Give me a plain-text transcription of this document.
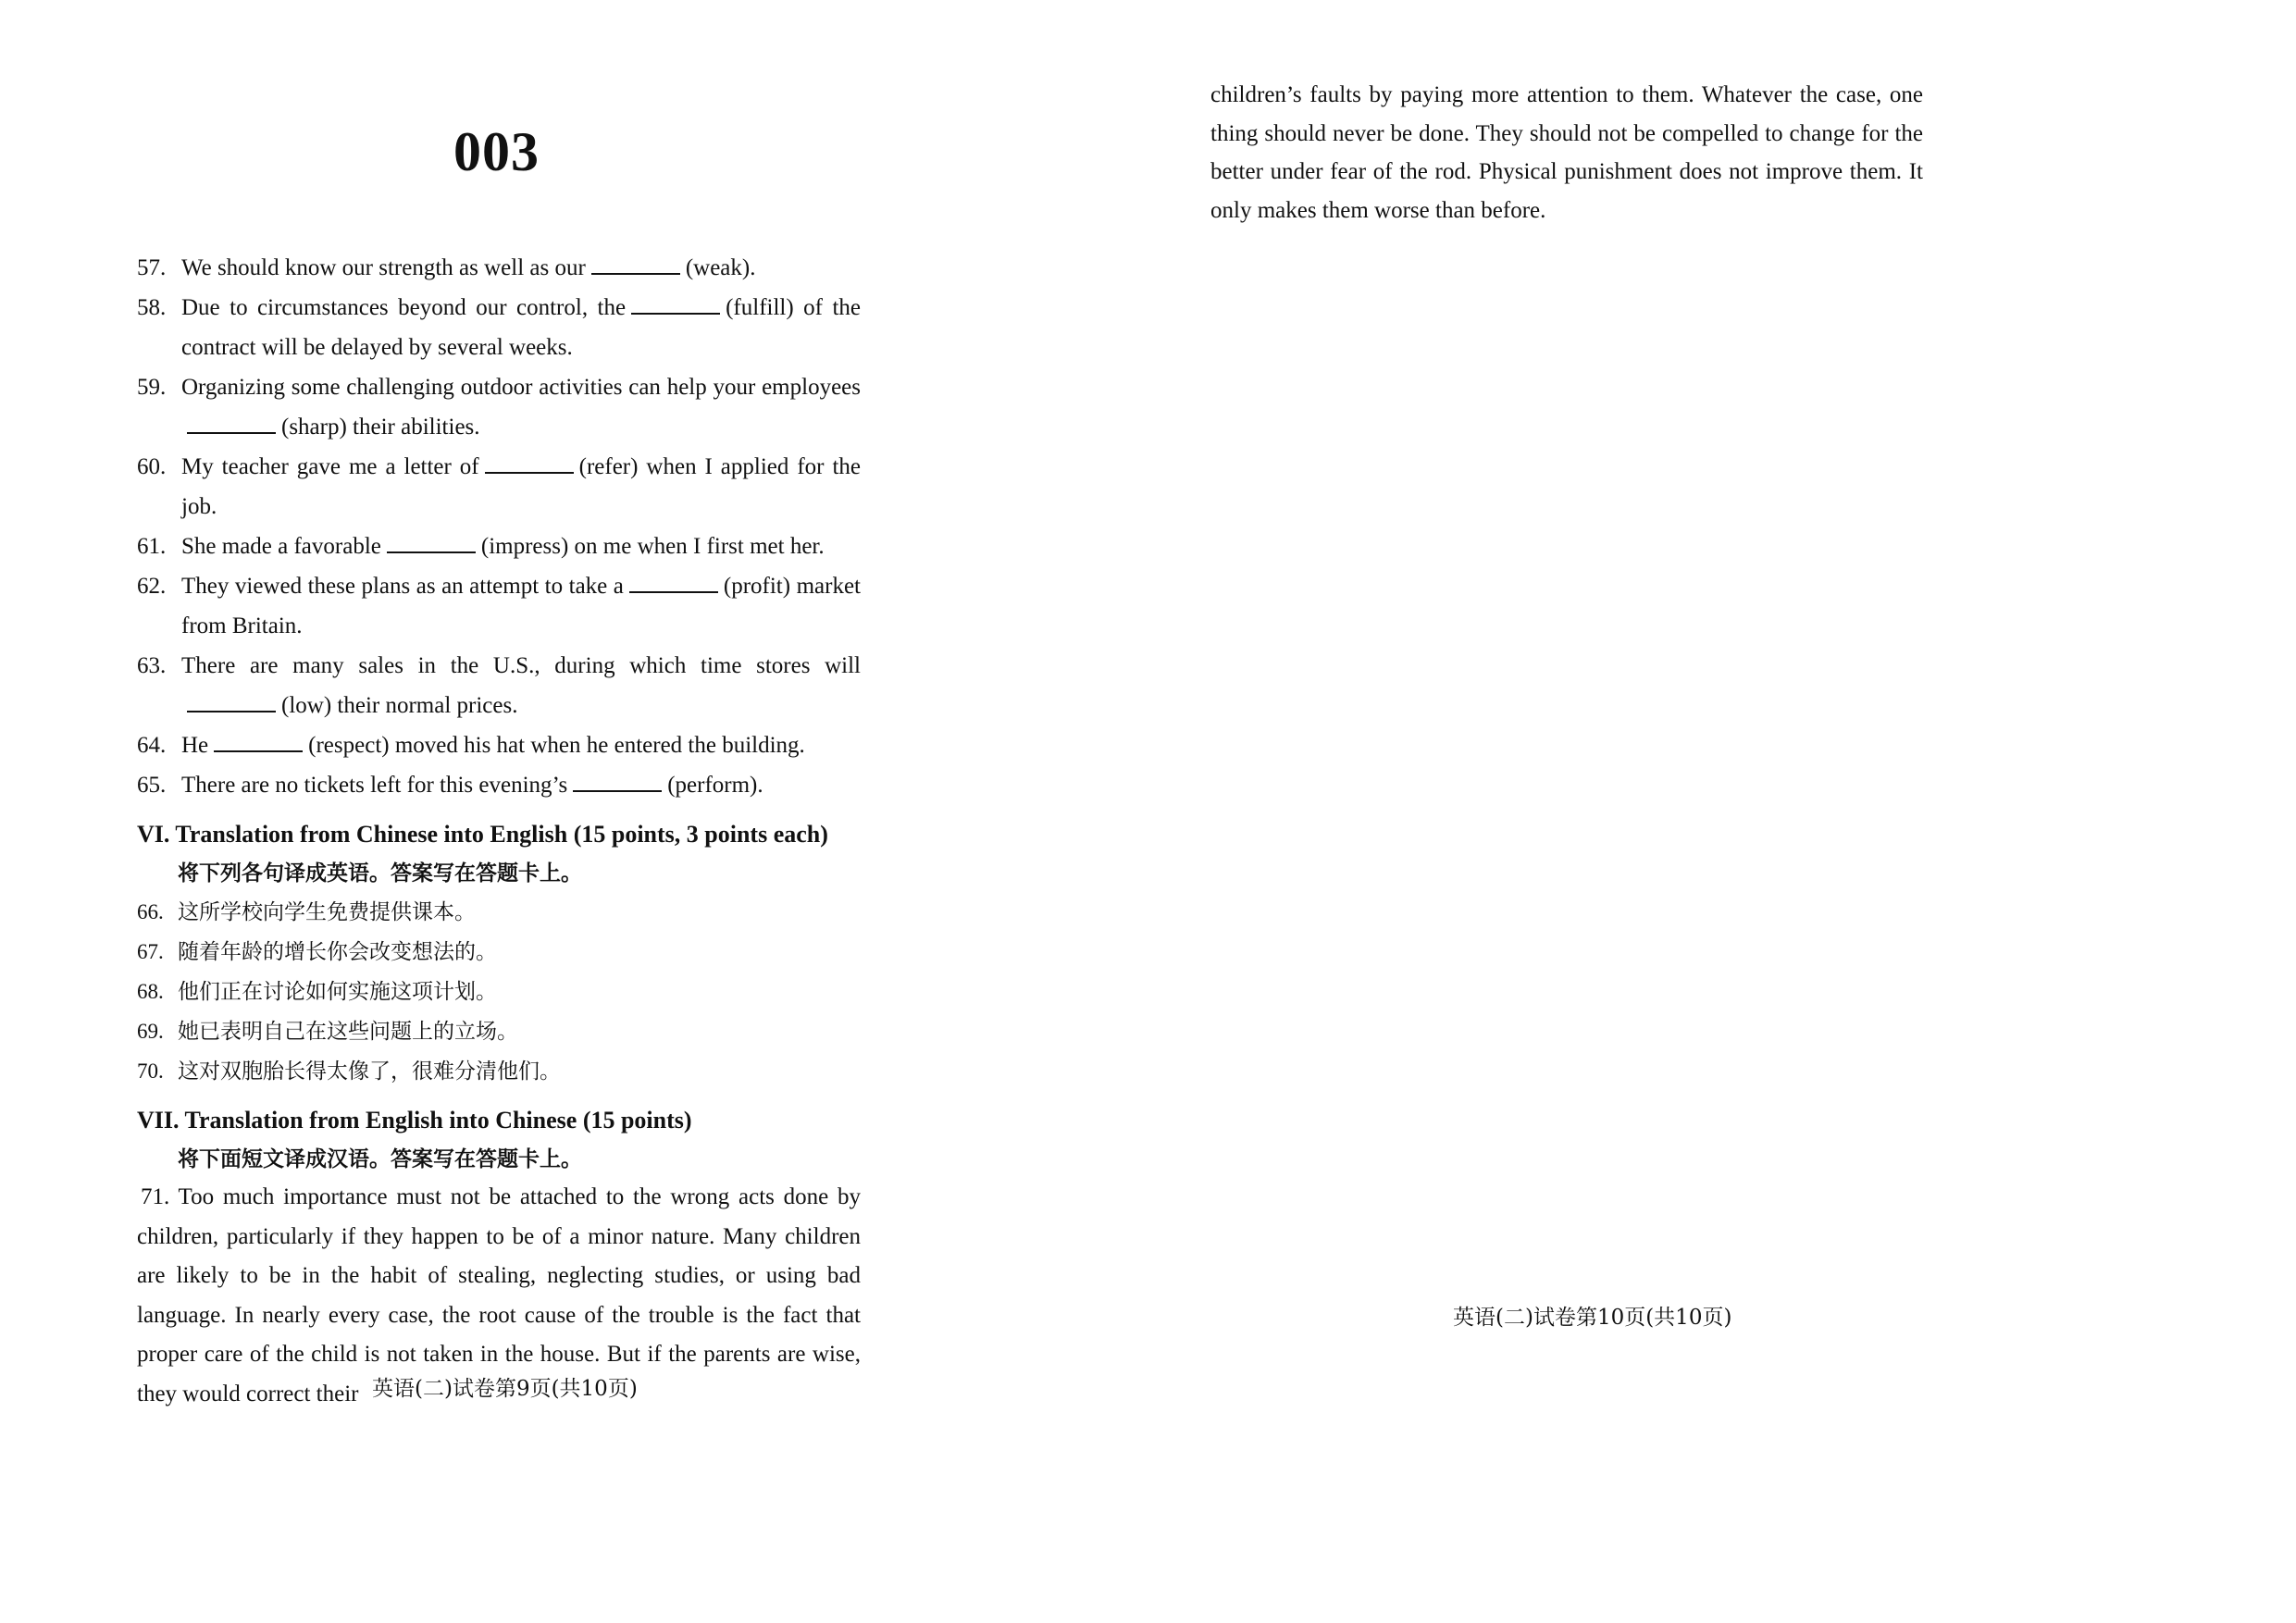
003
57. We should know our strength as well as our	(weak).
58. Due to circumstances beyond our control, the	(fulfill) of the contract will be delayed by several weeks.
59. Organizing some challenging outdoor activities can help your employees(sharp) their abilities.
60. My teacher gave me a letter of	(refer) when I applied for the job.
61. She made a favorable	(impress) on me when I first met her.
62. They viewed these plans as an attempt to take a	(profit) market from Britain.
63. There are many sales in the U.S., during which time stores will(low) their normal prices.
64. He	(respect) moved his hat when he entered the building.
65. There are no tickets left for this evening’s	(perform).
VI. Translation from Chinese into English (15 points, 3 points each)
将下列各句译成英语。答案写在答题卡上。
66. 这所学校向学生免费提供课本。
67. 随着年龄的增长你会改变想法的。
68. 他们正在讨论如何实施这项计划。
69. 她已表明自己在这些问题上的立场。
70. 这对双胞胎长得太像了，很难分清他们。
VII. Translation from English into Chinese (15 points)
将下面短文译成汉语。答案写在答题卡上。
71. Too much importance must not be attached to the wrong acts done by children, particularly if they happen to be of a minor nature. Many children are likely to be in the habit of stealing, neglecting studies, or using bad language. In nearly every case, the root cause of the trouble is the fact that proper care of the child is not taken in the house. But if the parents are wise, they would correct their 英语(二)试卷第9页(共10页)
children’s faults by paying more attention to them. Whatever the case, one thing should never be done. They should not be compelled to change for the better under fear of the rod. Physical punishment does not improve them. It only makes them worse than before.
英语(二)试卷第10页(共10页)
